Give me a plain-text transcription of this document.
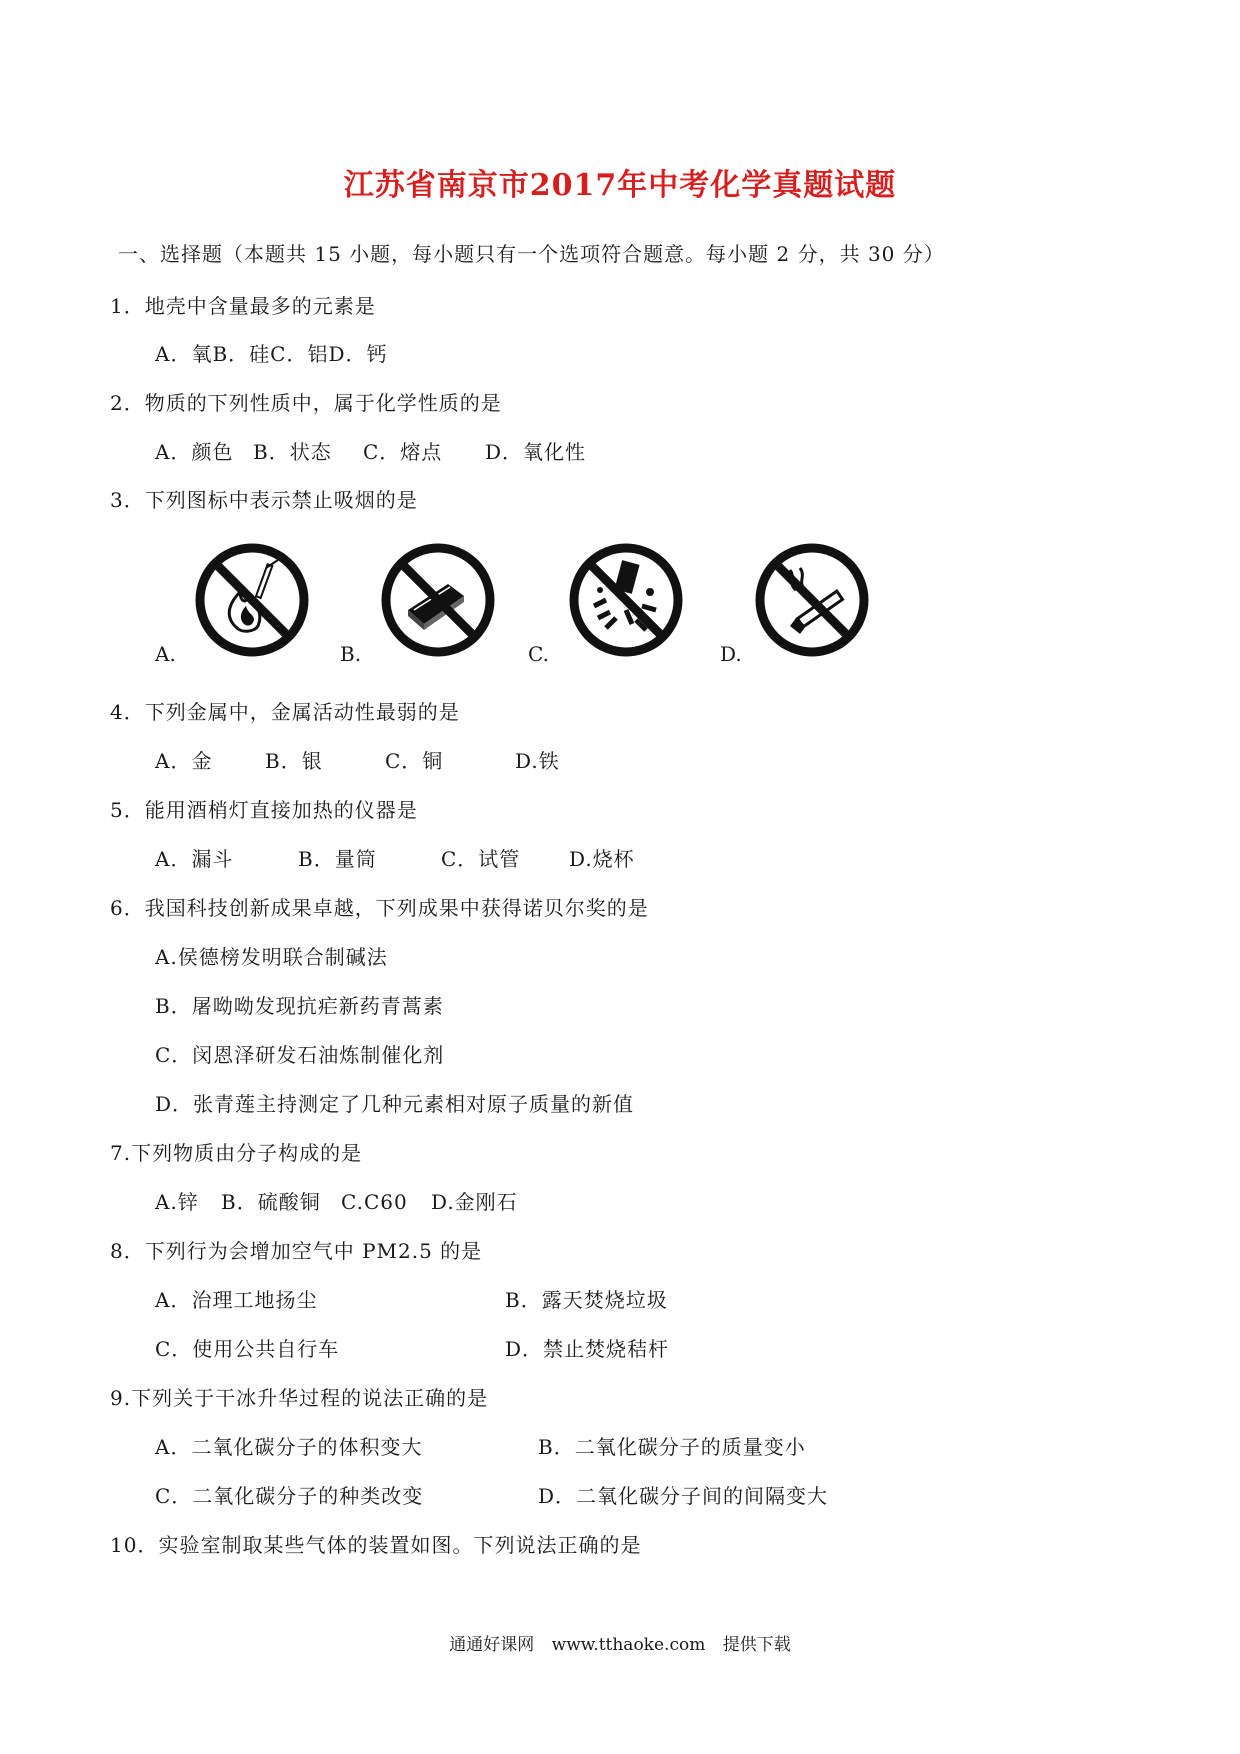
江苏省南京市2017年中考化学真题试题
一、选择题（本题共 15 小题，每小题只有一个选项符合题意。每小题 2 分，共 30 分）
1．地壳中含量最多的元素是
A．氧B．硅C．铝D．钙
2．物质的下列性质中，属于化学性质的是
A．颜色 B．状态 C．熔点 D．氧化性
3．下列图标中表示禁止吸烟的是
A.	B.	C.	D.
4．下列金属中，金属活动性最弱的是
A．金	B．银	C．铜	D.铁
5．能用酒梢灯直接加热的仪器是
A．漏斗	B．量筒	C．试管 D.烧杯
6．我国科技创新成果卓越，下列成果中获得诺贝尔奖的是
A.侯德榜发明联合制碱法
B．屠呦呦发现抗疟新药青蒿素
C．闵恩泽研发石油炼制催化剂
D．张青莲主持测定了几种元素相对原子质量的新值
7.下列物质由分子构成的是
A.锌 B．硫酸铜 C.C60 D.金刚石
8．下列行为会增加空气中 PM2.5 的是
A．治理工地扬尘	B．露天焚烧垃圾
C．使用公共自行车	D．禁止焚烧秸杆
9.下列关于干冰升华过程的说法正确的是
A．二氧化碳分子的体积变大	B．二氧化碳分子的质量变小
C．二氧化碳分子的种类改变	D．二氧化碳分子间的间隔变大
10．实验室制取某些气体的装置如图。下列说法正确的是
通通好课网 www.tthaoke.com 提供下载
